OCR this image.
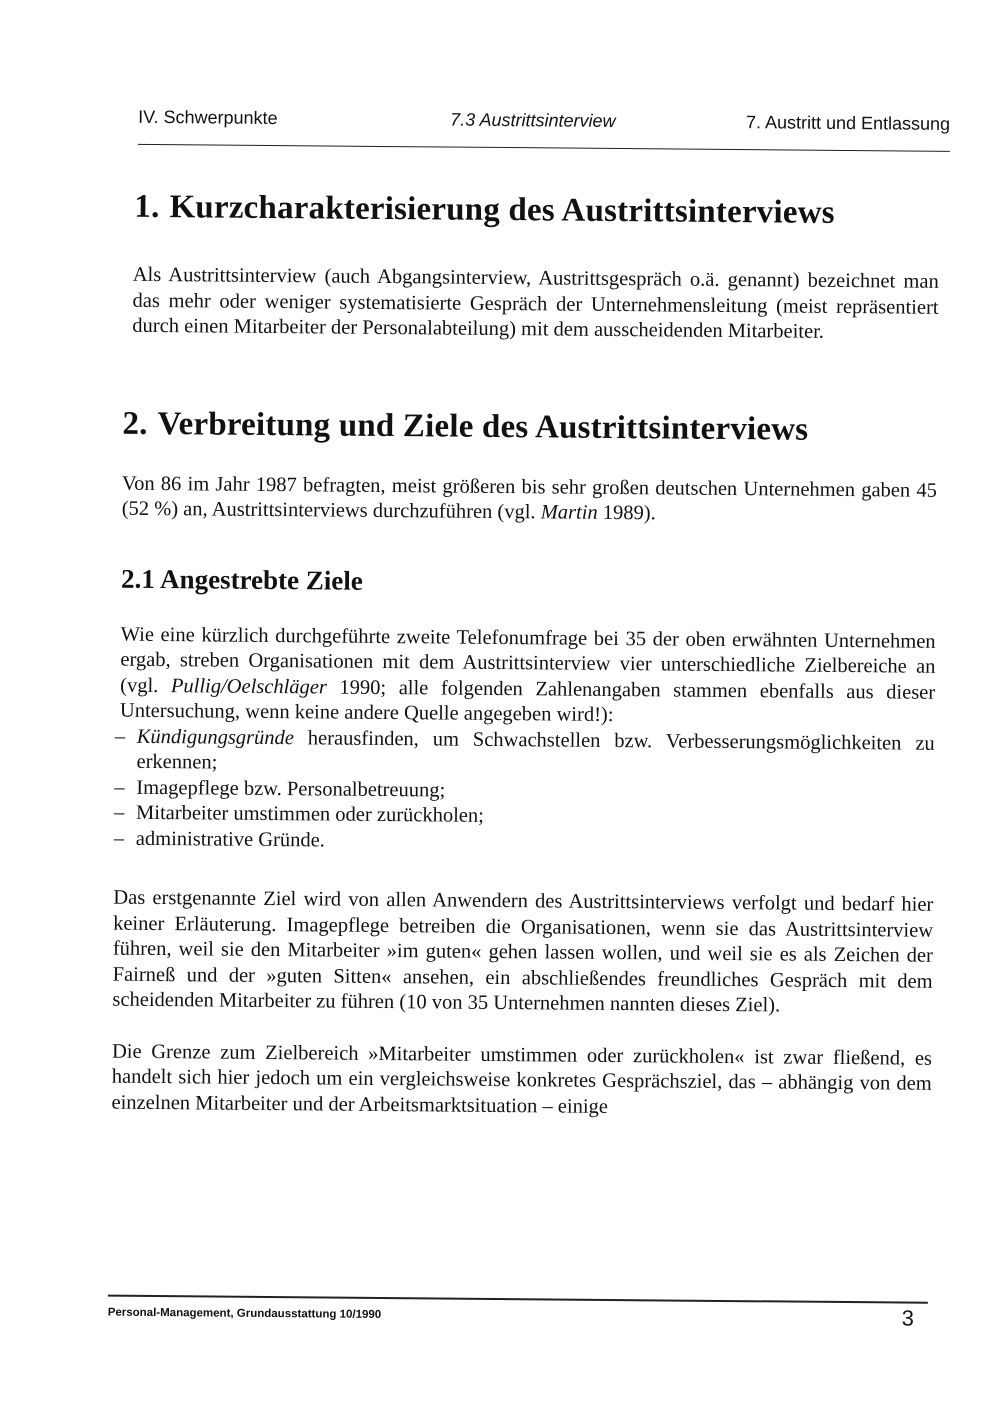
IV. Schwerpunkte	7.3 Austrittsinterview	7. Austritt und Entlassung
1. Kurzcharakterisierung des Austrittsinterviews

Als Austrittsinterview (auch Abgangsinterview, Austrittsgespräch o.ä. genannt) bezeichnet man das mehr oder weniger systematisierte Gespräch der Unternehmensleitung (meist repräsentiert durch einen Mitarbeiter der Personalabteilung) mit dem ausscheidenden Mitarbeiter.

2. Verbreitung und Ziele des Austrittsinterviews

Von 86 im Jahr 1987 befragten, meist größeren bis sehr großen deutschen Unternehmen gaben 45 (52 %) an, Austrittsinterviews durchzuführen (vgl. Martin 1989).

2.1 Angestrebte Ziele

Wie eine kürzlich durchgeführte zweite Telefonumfrage bei 35 der oben erwähnten Unternehmen ergab, streben Organisationen mit dem Austrittsinterview vier unterschiedliche Zielbereiche an (vgl. Pullig/Oelschläger 1990; alle folgenden Zahlenangaben stammen ebenfalls aus dieser Untersuchung, wenn keine andere Quelle angegeben wird!):

– Kündigungsgründe herausfinden, um Schwachstellen bzw. Verbesserungsmöglichkeiten zu erkennen;
– Imagepflege bzw. Personalbetreuung;
– Mitarbeiter umstimmen oder zurückholen;
– administrative Gründe.

Das erstgenannte Ziel wird von allen Anwendern des Austrittsinterviews verfolgt und bedarf hier keiner Erläuterung. Imagepflege betreiben die Organisationen, wenn sie das Austrittsinterview führen, weil sie den Mitarbeiter »im guten« gehen lassen wollen, und weil sie es als Zeichen der Fairneß und der »guten Sitten« ansehen, ein abschließendes freundliches Gespräch mit dem scheidenden Mitarbeiter zu führen (10 von 35 Unternehmen nannten dieses Ziel).

Die Grenze zum Zielbereich »Mitarbeiter umstimmen oder zurückholen« ist zwar fließend, es handelt sich hier jedoch um ein vergleichsweise konkretes Gesprächsziel, das – abhängig von dem einzelnen Mitarbeiter und der Arbeitsmarktsituation – einige

Personal-Management, Grundausstattung 10/1990	3
